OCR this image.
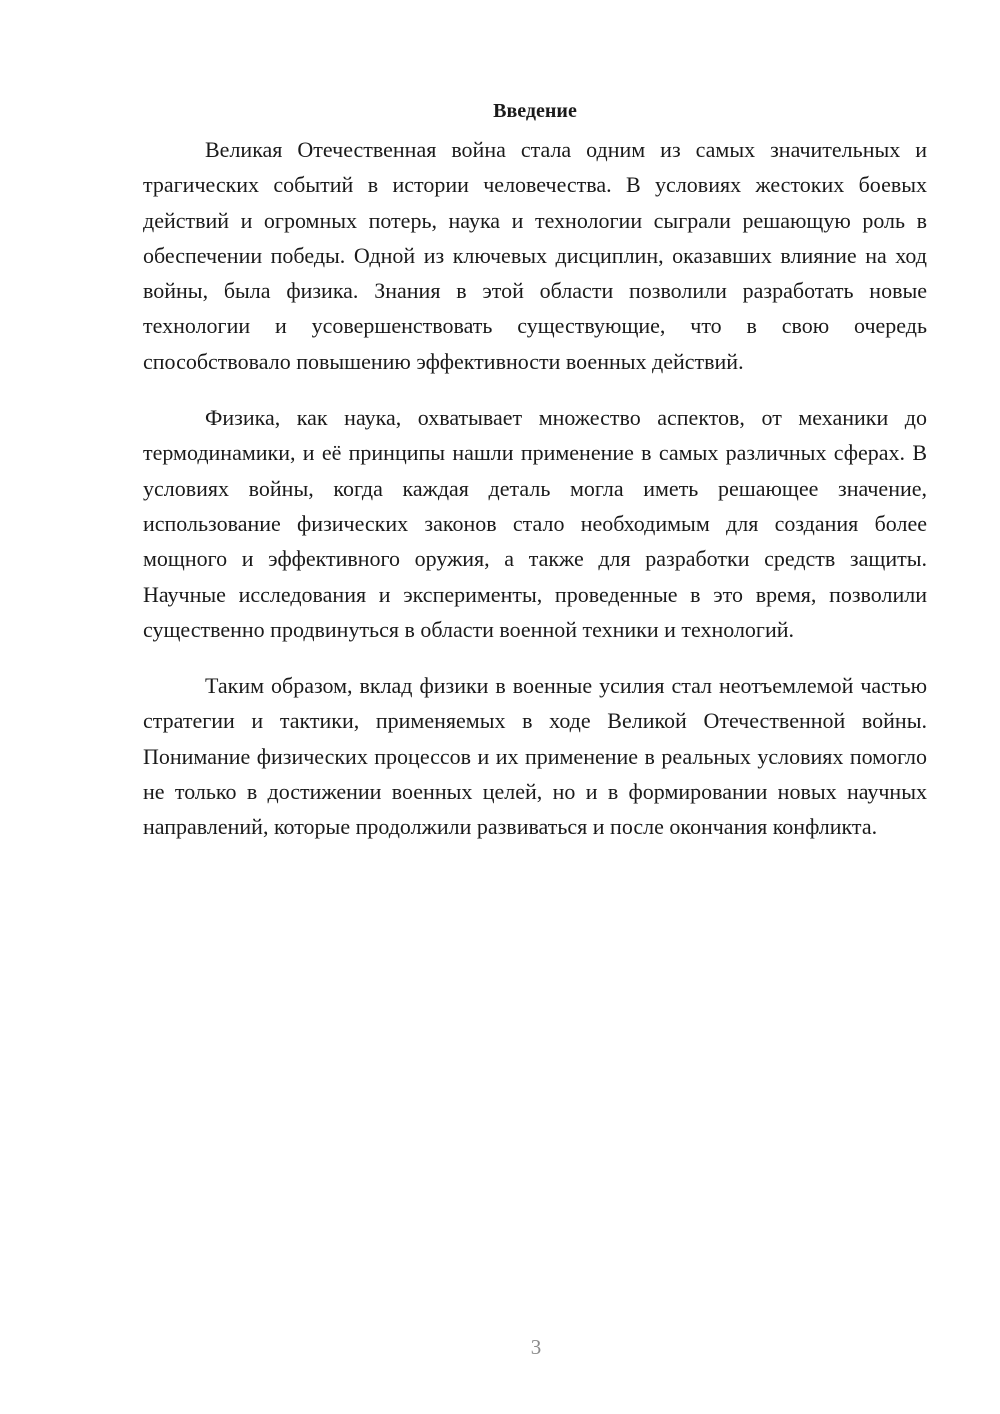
Введение

Великая Отечественная война стала одним из самых значительных и трагических событий в истории человечества. В условиях жестоких боевых действий и огромных потерь, наука и технологии сыграли решающую роль в обеспечении победы. Одной из ключевых дисциплин, оказавших влияние на ход войны, была физика. Знания в этой области позволили разработать новые технологии и усовершенствовать существующие, что в свою очередь способствовало повышению эффективности военных действий.

Физика, как наука, охватывает множество аспектов, от механики до термодинамики, и её принципы нашли применение в самых различных сферах. В условиях войны, когда каждая деталь могла иметь решающее значение, использование физических законов стало необходимым для создания более мощного и эффективного оружия, а также для разработки средств защиты. Научные исследования и эксперименты, проведенные в это время, позволили существенно продвинуться в области военной техники и технологий.

Таким образом, вклад физики в военные усилия стал неотъемлемой частью стратегии и тактики, применяемых в ходе Великой Отечественной войны. Понимание физических процессов и их применение в реальных условиях помогло не только в достижении военных целей, но и в формировании новых научных направлений, которые продолжили развиваться и после окончания конфликта.

3
